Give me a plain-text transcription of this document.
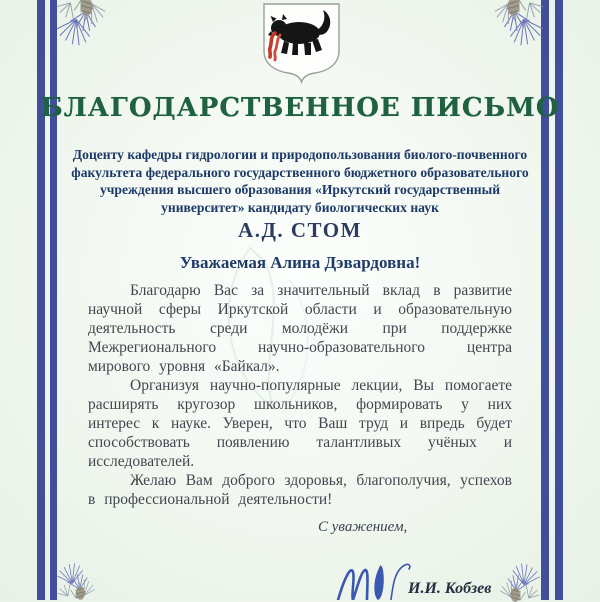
БЛАГОДАРСТВЕННОЕ ПИСЬМО
Доценту кафедры гидрологии и природопользования биолого-почвенного
факультета федерального государственного бюджетного образовательного
учреждения высшего образования «Иркутский государственный
университет» кандидату биологических наук
А.Д. СТОМ
Уважаемая Алина Дэвардовна!

Благодарю Вас за значительный вклад в развитие научной сферы Иркутской области и образовательную деятельность среди молодёжи при поддержке Межрегионального научно-образовательного центра мирового уровня «Байкал».

Организуя научно-популярные лекции, Вы помогаете расширять кругозор школьников, формировать у них интерес к науке. Уверен, что Ваш труд и впредь будет способствовать появлению талантливых учёных и исследователей.

Желаю Вам доброго здоровья, благополучия, успехов в профессиональной деятельности!

С уважением,
И.И. Кобзев
